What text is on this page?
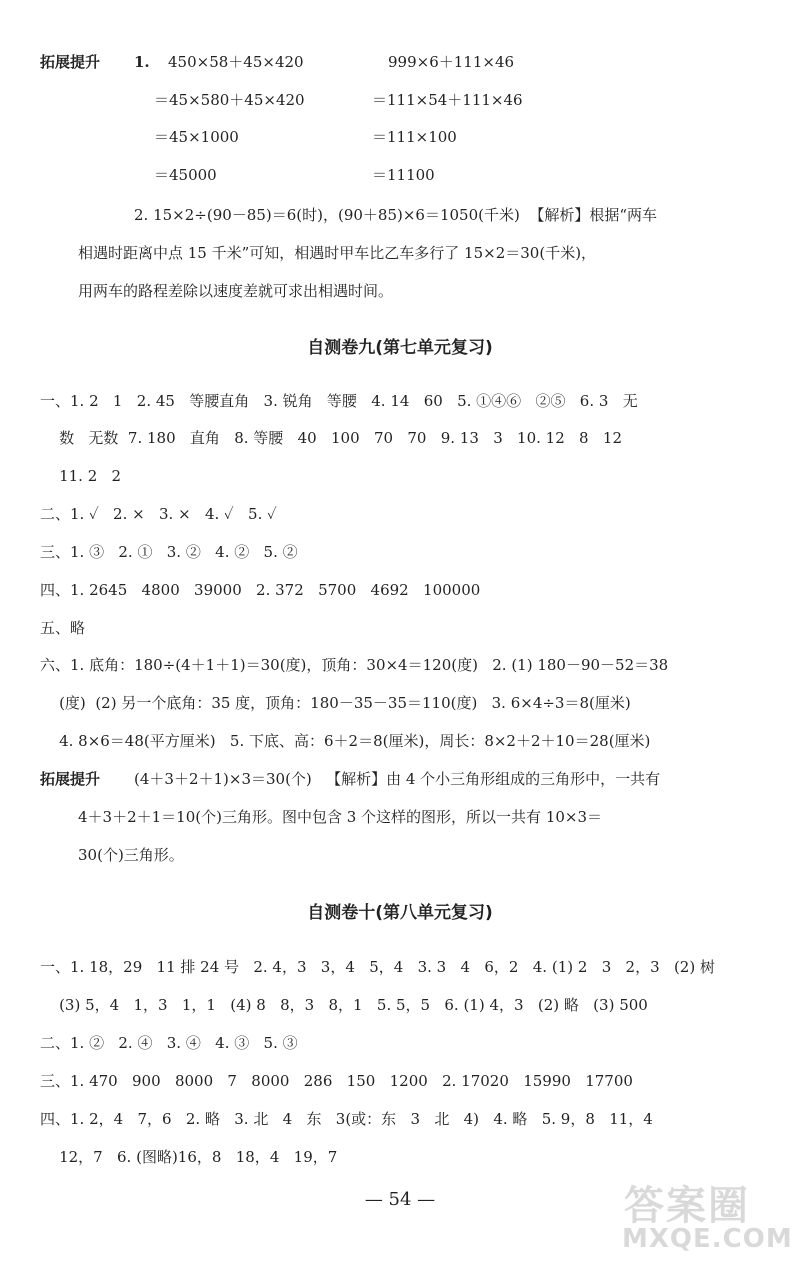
拓展提升 1. 450×58＋45×420
＝45×580＋45×420
＝45×1000
＝45000
999×6＋111×46
＝111×54＋111×46
＝111×100
＝11100
2. 15×2÷(90－85)＝6(时)，(90＋85)×6＝1050(千米)  【解析】根据“两车
相遇时距离中点 15 千米”可知，相遇时甲车比乙车多行了 15×2＝30(千米)，
用两车的路程差除以速度差就可求出相遇时间。
自测卷九(第七单元复习)
一、1. 2   1   2. 45   等腰直角   3. 锐角   等腰   4. 14   60   5. ①④⑥   ②⑤   6. 3   无
数   无数  7. 180   直角   8. 等腰   40   100   70   70   9. 13   3   10. 12   8   12
11. 2   2
二、1. ✓   2. ×   3. ×   4. ✓   5. ✓
三、1. ③   2. ①   3. ②   4. ②   5. ②
四、1. 2645   4800   39000   2. 372   5700   4692   100000
五、略
六、1. 底角：180÷(4＋1＋1)＝30(度)，顶角：30×4＝120(度)   2. (1) 180－90－52＝38
(度)  (2) 另一个底角：35 度，顶角：180－35－35＝110(度)   3. 6×4÷3＝8(厘米)
4. 8×6＝48(平方厘米)   5. 下底、高：6＋2＝8(厘米)，周长：8×2＋2＋10＝28(厘米)
拓展提升 (4＋3＋2＋1)×3＝30(个)   【解析】由 4 个小三角形组成的三角形中，一共有
4＋3＋2＋1＝10(个)三角形。图中包含 3 个这样的图形，所以一共有 10×3＝
30(个)三角形。
自测卷十(第八单元复习)
一、1. 18，29   11 排 24 号   2. 4，3   3，4   5，4   3. 3   4   6，2   4. (1) 2   3   2，3   (2) 树
(3) 5，4   1，3   1，1   (4) 8   8，3   8，1   5. 5，5   6. (1) 4，3   (2) 略   (3) 500
二、1. ②   2. ④   3. ④   4. ③   5. ③
三、1. 470   900   8000   7   8000   286   150   1200   2. 17020   15990   17700
四、1. 2，4   7，6   2. 略   3. 北   4   东   3(或：东   3   北   4)   4. 略   5. 9，8   11，4
12，7   6. (图略)16，8   18，4   19，7
— 54 —	答案圈
MXQE.COM
